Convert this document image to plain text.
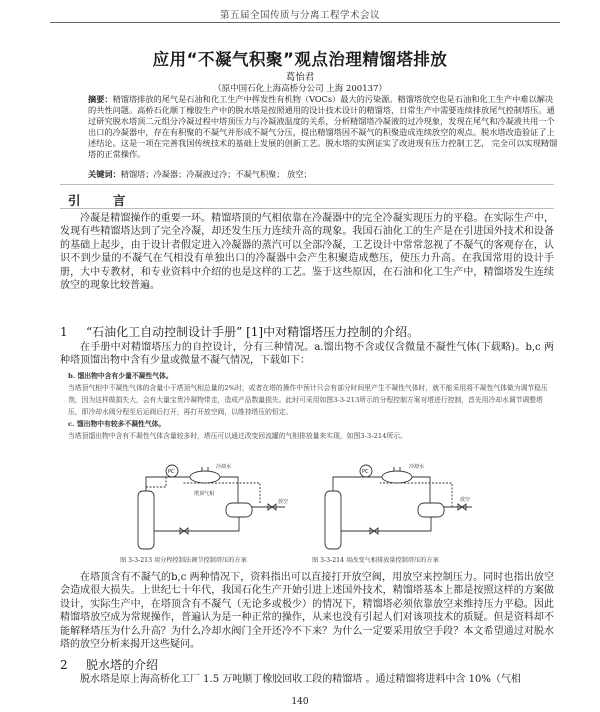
第五届全国传质与分离工程学术会议
应用“不凝气积聚”观点治理精馏塔排放
葛怡君
（原中国石化上海高桥分公司 上海 200137）
摘要：精馏塔排放的尾气是石油和化工生产中挥发性有机物（VOCs）最大的污染源。精馏塔放空也是石油和化工生产中难以解决的共性问题。高桥石化顺丁橡胶生产中的脱水塔是按照通用的设计技术设计的精馏塔，日常生产中需要连续排放尾气控制塔压。通过研究脱水塔顶二元组分冷凝过程中塔顶压力与冷凝液温度的关系，分析精馏塔冷凝液的过冷现象，发现在尾气和冷凝液共用一个出口的冷凝器中，存在有积聚的不凝气并形成不凝气分压，提出精馏塔因不凝气的积聚造成连续放空的观点。脱水塔改造验证了上述结论。这是一项在完善我国传统技术的基础上发展的创新工艺。脱水塔的实例证实了改进现有压力控制工艺， 完全可以实现精馏塔的正常操作。
关键词：精馏塔；冷凝器；冷凝液过冷；不凝气积聚； 放空；
引 言
冷凝是精馏操作的重要一环。精馏塔顶的气相依靠在冷凝器中的完全冷凝实现压力的平稳。在实际生产中，发现有些精馏塔达到了完全冷凝，却还发生压力连续升高的现象。我国石油化工的生产是在引进国外技术和设备的基础上起步，由于设计者假定进入冷凝器的蒸汽可以全部冷凝，工艺设计中常常忽视了不凝气的客观存在，认识不到少量的不凝气在气相没有单独出口的冷凝器中会产生积聚造成憋压，使压力升高。在我国常用的设计手册，大中专教材，和专业资料中介绍的也是这样的工艺。鉴于这些原因，在石油和化工生产中，精馏塔发生连续放空的现象比较普遍。
1 “石油化工自动控制设计手册” [1]中对精馏塔压力控制的介绍。
在手册中对精馏塔压力的自控设计，分有三种情况。a.馏出物不含或仅含微量不凝性气体(下载略)。b,c 两种塔顶馏出物中含有少量或微量不凝气情况，下载如下：
b. 馏出物中含有少量不凝性气体。
当塔顶气相中不凝性气体的含量小于塔顶气相总量的2%时，或者在塔的操作中预计只会有部分时间里产生不凝性气体时，就不能采用将不凝性气体做为调节稳压剂，因为这样做损失大，会有大量宝贵冷凝物带走，造成产品数量损失。此时可采用如图3-3-213所示的分程控制方案对塔进行控制，首先用冷却水调节调整塔压，即冷却水阀分程至后运阀后打开，再打开放空阀，以维持塔压的恒定。
c. 馏出物中有较多不凝性气体。
当塔顶馏出物中含有不凝性气体含量较多时，塔压可以通过改变回流罐的气相排放量来实现，如图3-3-214所示。
PC	PC
塔顶气相
冷却水	冷却水
放空	放空
图 3-3-213 用分程控制法调节控制塔压的方案	图 3-3-214 用改变气相排放量控制塔压的方案
在塔顶含有不凝气的b,c 两种情况下，资料指出可以直接打开放空阀，用放空来控制压力。同时也指出放空会造成很大损失。上世纪七十年代，我国石化生产开始引进上述国外技术，精馏塔基本上都是按照这样的方案做设计，实际生产中，在塔顶含有不凝气（无论多或极少）的情况下，精馏塔必须依靠放空来维持压力平稳。因此精馏塔放空成为常规操作，普遍认为是一种正常的操作，从来也没有引起人们对该项技术的质疑。但是资料却不能解释塔压为什么升高？为什么冷却水阀门全开还冷不下来？为什么一定要采用放空手段？本文希望通过对脱水塔的放空分析来揭开这些疑问。
2 脱水塔的介绍
脱水塔是原上海高桥化工厂 1.5 万吨顺丁橡胶回收工段的精馏塔 。通过精馏将进料中含 10%（气相
140
